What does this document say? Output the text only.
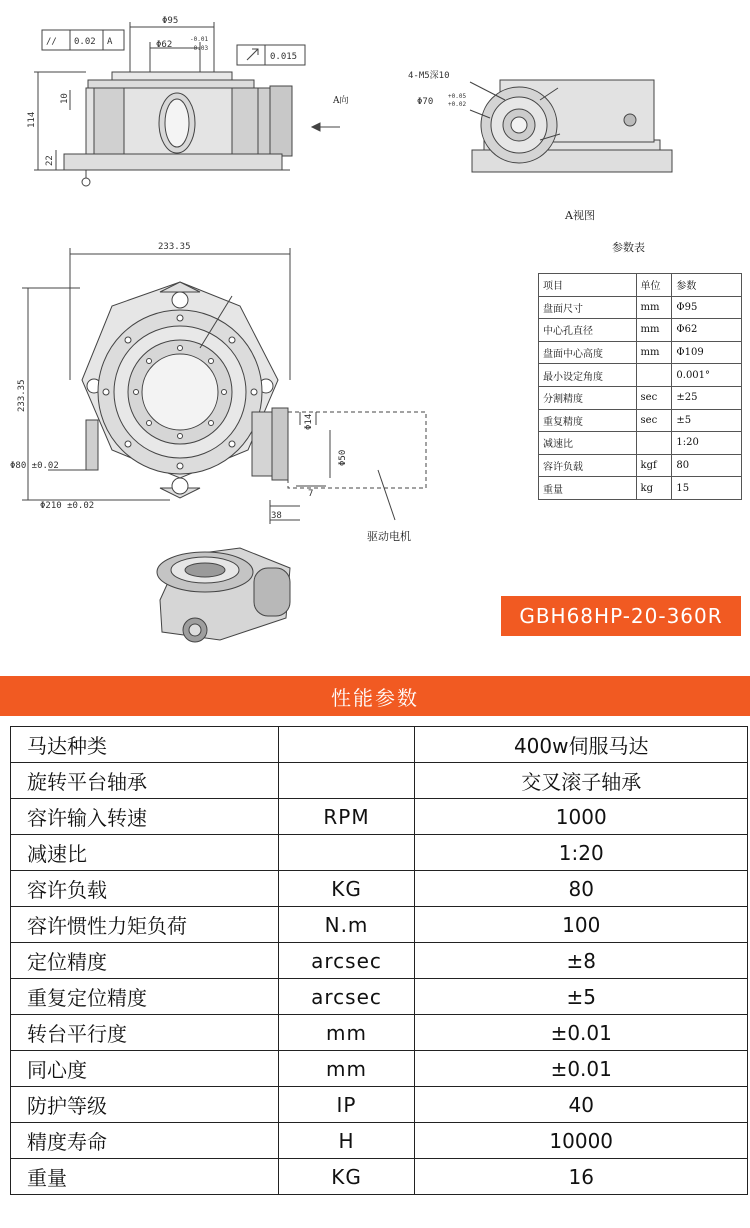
// 0.02 A
0.015
Φ95
Φ62
-0.01
-0.03
10
114
22
A向
4-M5深10
Φ70
+0.05
+0.02
A视图
参数表
233.35
233.35
Φ80 ±0.02
Φ210 ±0.02
Φ14
Φ50
7
38
驱动电机
项目	单位	参数
盘面尺寸	mm	Φ95
中心孔直径	mm	Φ62
盘面中心高度	mm	Φ109
最小设定角度		0.001°
分割精度	sec	±25
重复精度	sec	±5
减速比		1:20
容许负载	kgf	80
重量	kg	15
GBH68HP-20-360R
性能参数
马达种类		400w伺服马达
旋转平台轴承		交叉滚子轴承
容许输入转速	RPM	1000
减速比		1:20
容许负载	KG	80
容许惯性力矩负荷	N.m	100
定位精度	arcsec	±8
重复定位精度	arcsec	±5
转台平行度	mm	±0.01
同心度	mm	±0.01
防护等级	IP	40
精度寿命	H	10000
重量	KG	16
